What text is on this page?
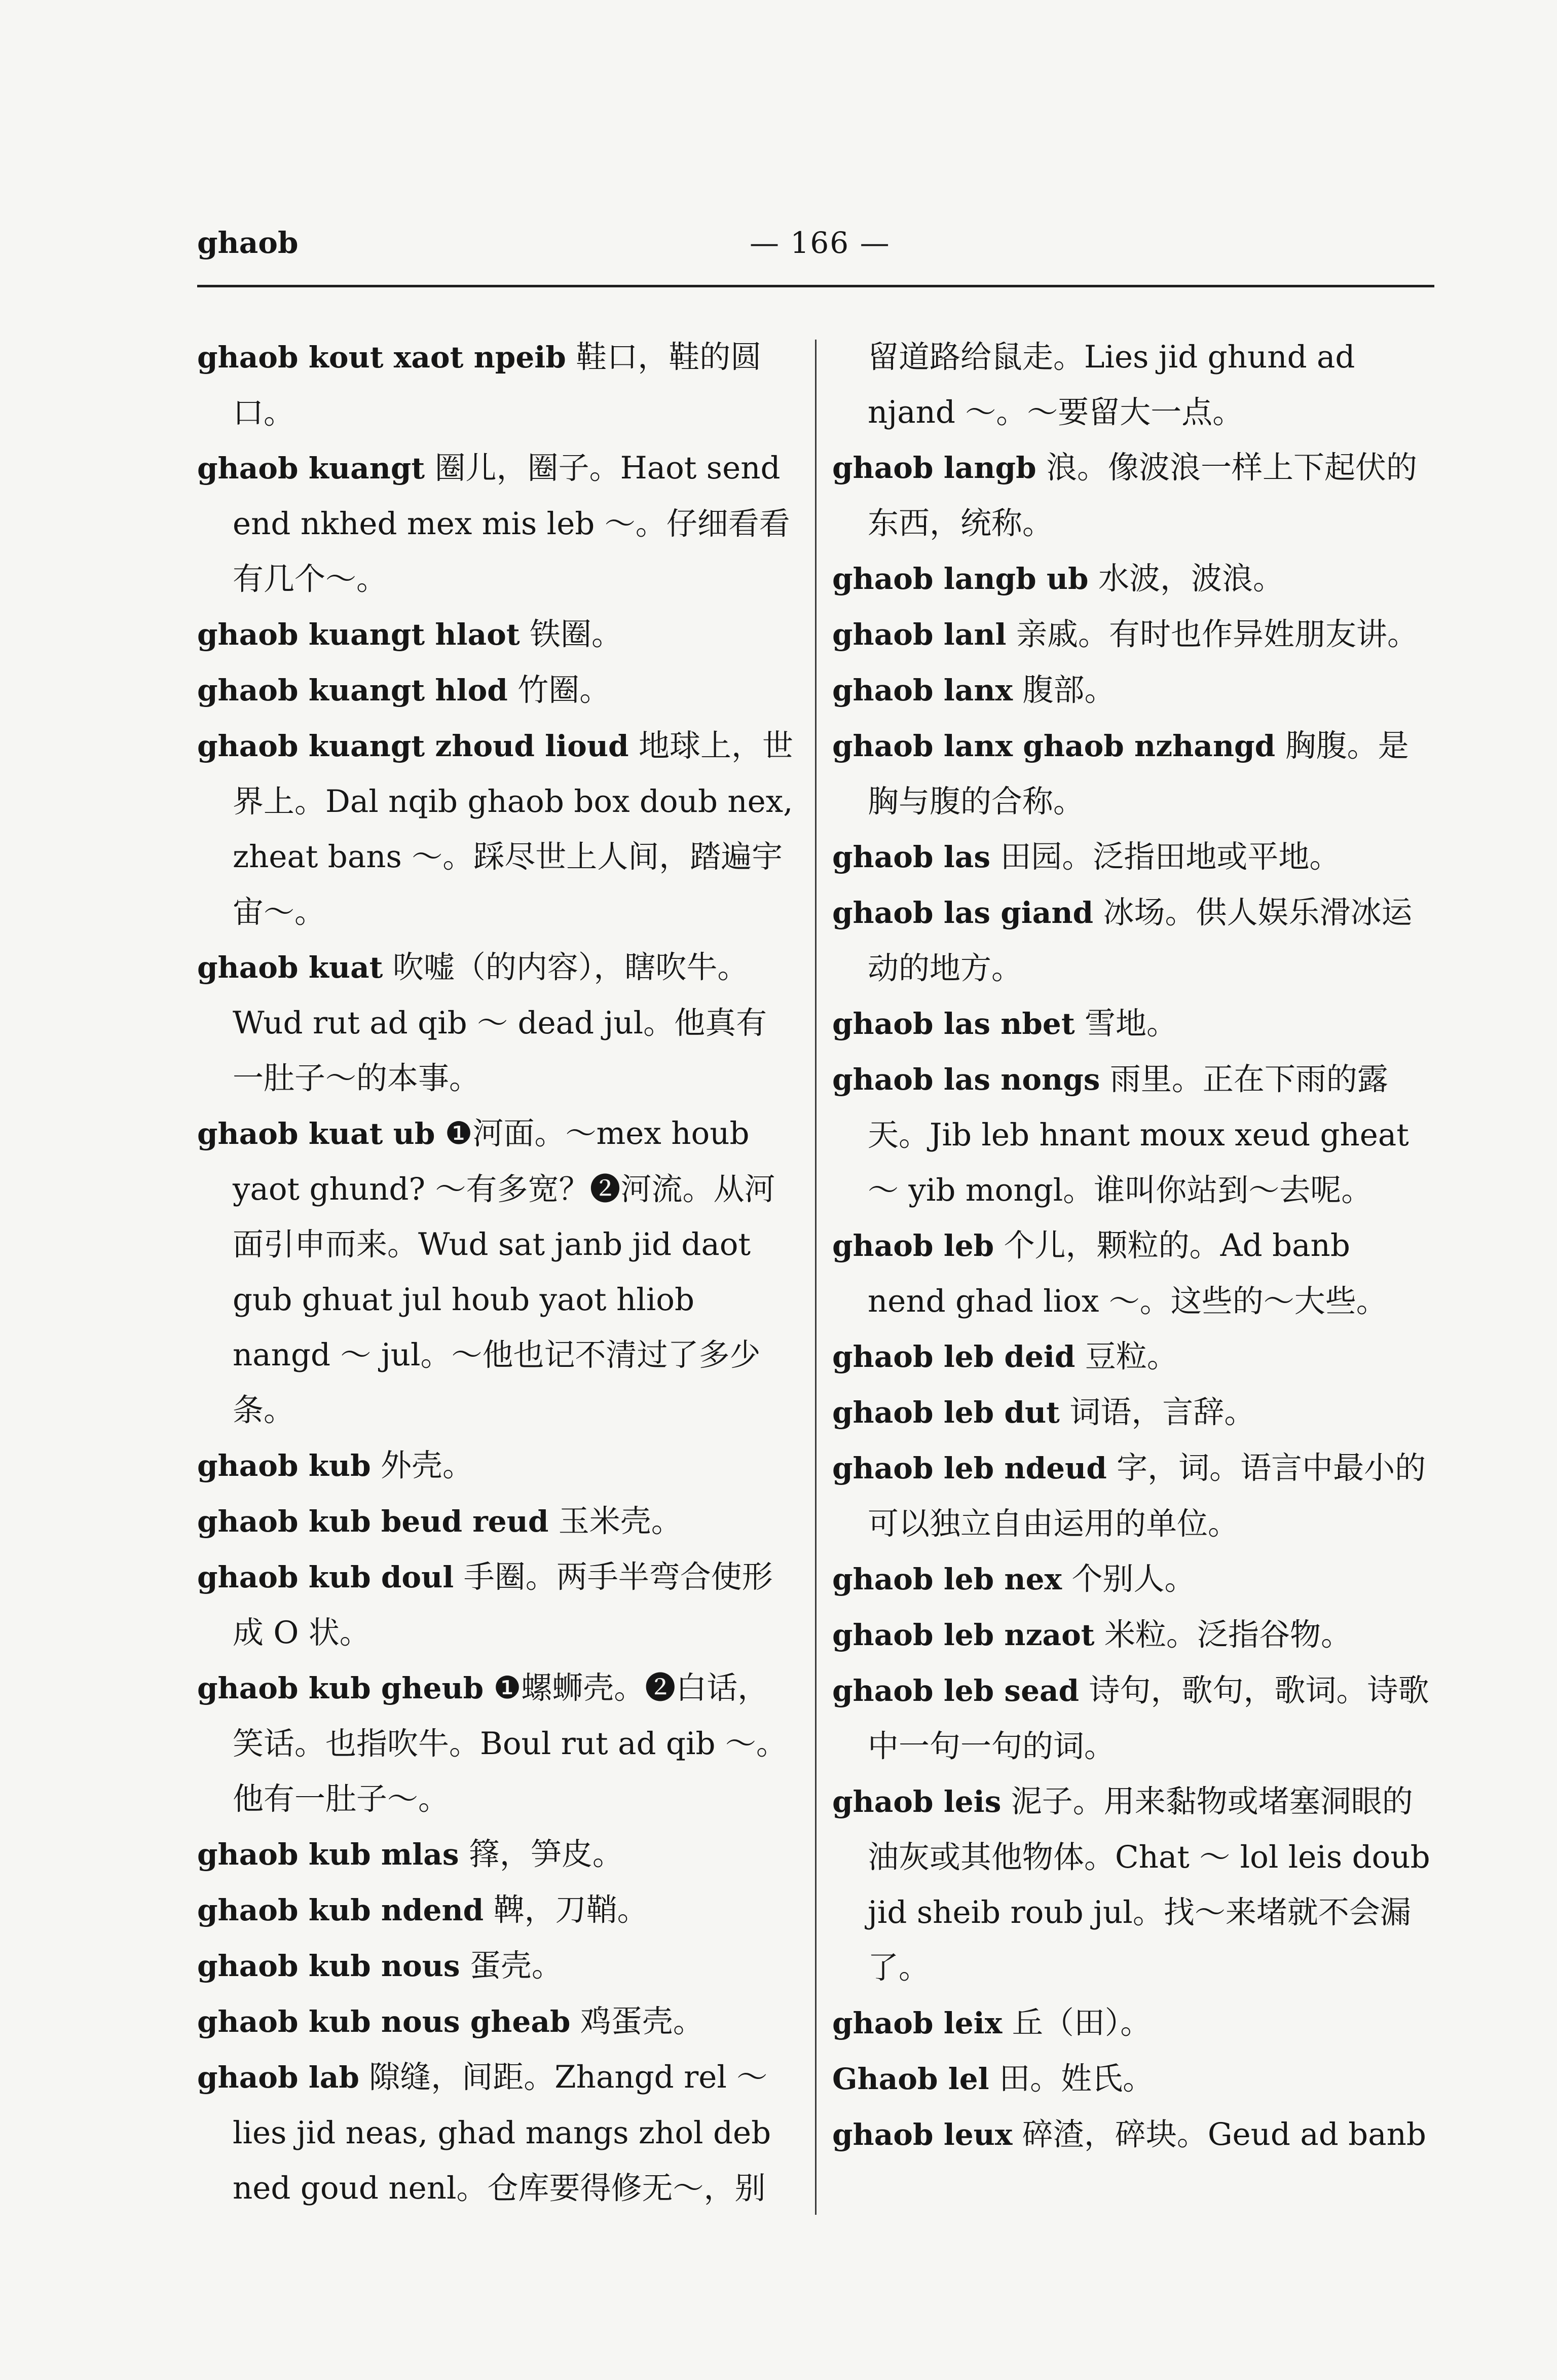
ghaob	— 166 —

ghaob kout xaot npeib 鞋口，鞋的圆口。

ghaob kuangt 圈儿，圈子。Haot send end nkhed mex mis leb ～。仔细看看有几个～。

ghaob kuangt hlaot 铁圈。

ghaob kuangt hlod 竹圈。

ghaob kuangt zhoud lioud 地球上，世界上。Dal nqib ghaob box doub nex, zheat bans ～。踩尽世上人间，踏遍宇宙～。

ghaob kuat 吹嘘（的内容），瞎吹牛。Wud rut ad qib ～ dead jul。他真有一肚子～的本事。

ghaob kuat ub ❶河面。～mex houb yaot ghund? ～有多宽？❷河流。从河面引申而来。Wud sat janb jid daot gub ghuat jul houb yaot hliob nangd ～ jul。～他也记不清过了多少条。

ghaob kub 外壳。

ghaob kub beud reud 玉米壳。

ghaob kub doul 手圈。两手半弯合使形成 O 状。

ghaob kub gheub ❶螺蛳壳。❷白话，笑话。也指吹牛。Boul rut ad qib ～。他有一肚子～。

ghaob kub mlas 箨，笋皮。

ghaob kub ndend 鞞，刀鞘。

ghaob kub nous 蛋壳。

ghaob kub nous gheab 鸡蛋壳。

ghaob lab 隙缝，间距。Zhangd rel ～ lies jid neas, ghad mangs zhol deb ned goud nenl。仓库要得修无～，别

留道路给鼠走。Lies jid ghund ad njand ～。～要留大一点。

ghaob langb 浪。像波浪一样上下起伏的东西，统称。

ghaob langb ub 水波，波浪。

ghaob lanl 亲戚。有时也作异姓朋友讲。

ghaob lanx 腹部。

ghaob lanx ghaob nzhangd 胸腹。是胸与腹的合称。

ghaob las 田园。泛指田地或平地。

ghaob las giand 冰场。供人娱乐滑冰运动的地方。

ghaob las nbet 雪地。

ghaob las nongs 雨里。正在下雨的露天。Jib leb hnant moux xeud gheat ～ yib mongl。谁叫你站到～去呢。

ghaob leb 个儿，颗粒的。Ad banb nend ghad liox ～。这些的～大些。

ghaob leb deid 豆粒。

ghaob leb dut 词语，言辞。

ghaob leb ndeud 字，词。语言中最小的可以独立自由运用的单位。

ghaob leb nex 个别人。

ghaob leb nzaot 米粒。泛指谷物。

ghaob leb sead 诗句，歌句，歌词。诗歌中一句一句的词。

ghaob leis 泥子。用来黏物或堵塞洞眼的油灰或其他物体。Chat ～ lol leis doub jid sheib roub jul。找～来堵就不会漏了。

ghaob leix 丘（田）。

Ghaob lel 田。姓氏。

ghaob leux 碎渣，碎块。Geud ad banb
